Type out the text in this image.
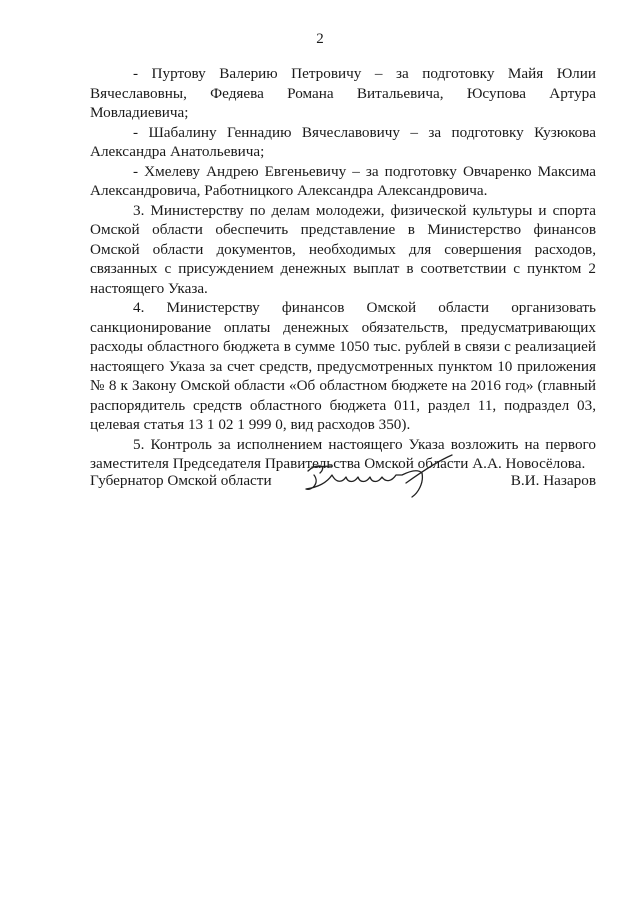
2

- Пуртову Валерию Петровичу – за подготовку Майя Юлии Вячеславовны, Федяева Романа Витальевича, Юсупова Артура Мовладиевича;

- Шабалину Геннадию Вячеславовичу – за подготовку Кузюкова Александра Анатольевича;

- Хмелеву Андрею Евгеньевичу – за подготовку Овчаренко Максима Александровича, Работницкого Александра Александровича.

3. Министерству по делам молодежи, физической культуры и спорта Омской области обеспечить представление в Министерство финансов Омской области документов, необходимых для совершения расходов, связанных с присуждением денежных выплат в соответствии с пунктом 2 настоящего Указа.

4. Министерству финансов Омской области организовать санкционирование оплаты денежных обязательств, предусматривающих расходы областного бюджета в сумме 1050 тыс. рублей в связи с реализацией настоящего Указа за счет средств, предусмотренных пунктом 10 приложения № 8 к Закону Омской области «Об областном бюджете на 2016 год» (главный распорядитель средств областного бюджета 011, раздел 11, подраздел 03, целевая статья 13 1 02 1 999 0, вид расходов 350).

5. Контроль за исполнением настоящего Указа возложить на первого заместителя Председателя Правительства Омской области А.А. Новосёлова.

Губернатор Омской области	В.И. Назаров
